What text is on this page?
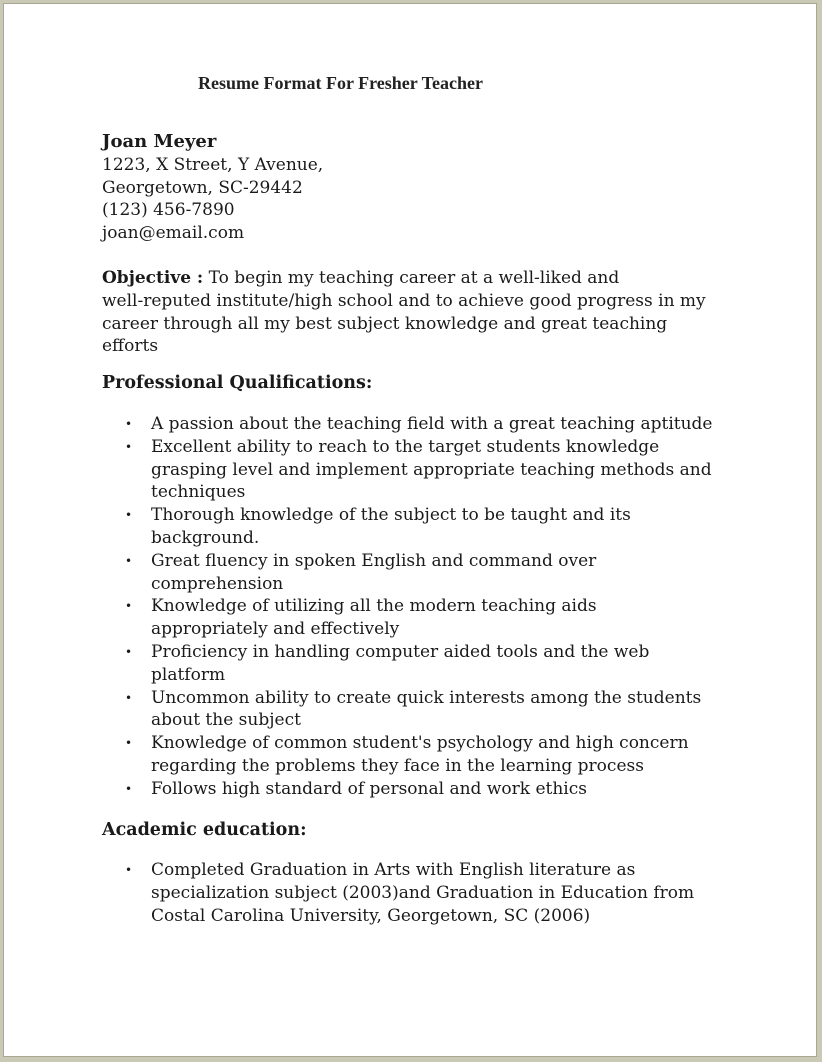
Resume Format For Fresher Teacher
Joan Meyer
1223, X Street, Y Avenue,
Georgetown, SC-29442
(123) 456-7890
joan@email.com
Objective : To begin my teaching career at a well-liked and
well-reputed institute/high school and to achieve good progress in my
career through all my best subject knowledge and great teaching
efforts
Professional Qualifications:
• A passion about the teaching field with a great teaching aptitude
• Excellent ability to reach to the target students knowledge
grasping level and implement appropriate teaching methods and
techniques
• Thorough knowledge of the subject to be taught and its
background.
• Great fluency in spoken English and command over
comprehension
• Knowledge of utilizing all the modern teaching aids
appropriately and effectively
• Proficiency in handling computer aided tools and the web
platform
• Uncommon ability to create quick interests among the students
about the subject
• Knowledge of common student's psychology and high concern
regarding the problems they face in the learning process
• Follows high standard of personal and work ethics
Academic education:
• Completed Graduation in Arts with English literature as
specialization subject (2003)and Graduation in Education from
Costal Carolina University, Georgetown, SC (2006)
